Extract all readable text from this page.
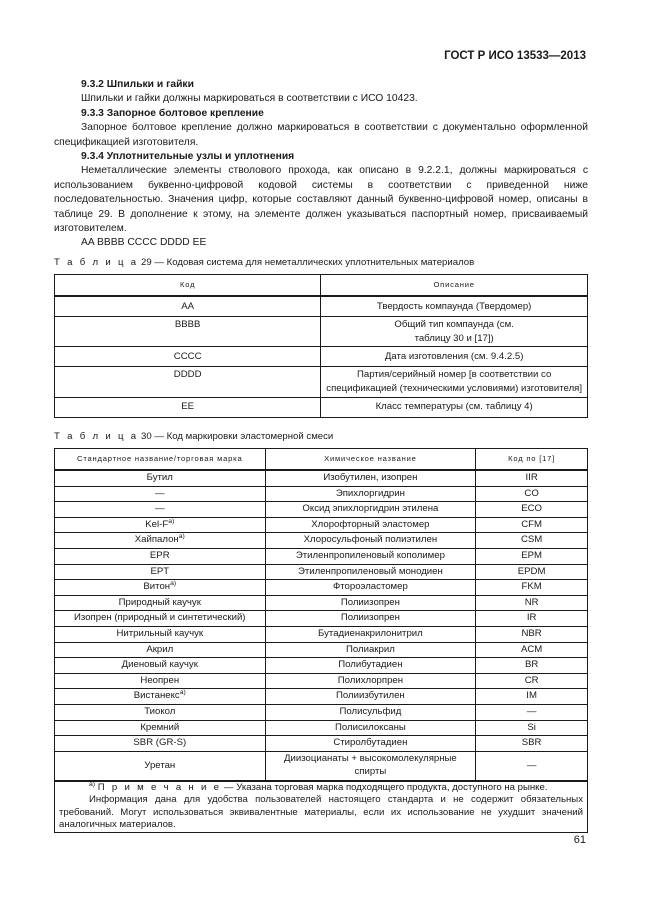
ГОСТ Р ИСО 13533—2013
9.3.2 Шпильки и гайки
Шпильки и гайки должны маркироваться в соответствии с ИСО 10423.
9.3.3 Запорное болтовое крепление
Запорное болтовое крепление должно маркироваться в соответствии с документально оформленной спецификацией изготовителя.
9.3.4 Уплотнительные узлы и уплотнения
Неметаллические элементы стволового прохода, как описано в 9.2.2.1, должны маркироваться с использованием буквенно-цифровой кодовой системы в соответствии с приведенной ниже последовательностью. Значения цифр, которые составляют данный буквенно-цифровой номер, описаны в таблице 29. В дополнение к этому, на элементе должен указываться паспортный номер, присваиваемый изготовителем.
AA BBBB CCCC DDDD EE
Т а б л и ц а 29 — Кодовая система для неметаллических уплотнительных материалов
Код	Описание
AA	Твердость компаунда (Твердомер)
BBBB	Общий тип компаунда (см. таблицу 30 и [17])
CCCC	Дата изготовления (см. 9.4.2.5)
DDDD	Партия/серийный номер [в соответствии со спецификацией (техническими условиями) изготовителя]
EE	Класс температуры (см. таблицу 4)
Т а б л и ц а 30 — Код маркировки эластомерной смеси
Стандартное название/торговая марка	Химическое название	Код по [17]
Бутил	Изобутилен, изопрен	IIR
—	Эпихлоргидрин	CO
—	Оксид эпихлоргидрин этилена	ECO
Kel-$F^{a)}$	Хлорофторный эластомер	CFM
Хайпалон$^{a)}$	Хлоросульфоный полиэтилен	CSM
EPR	Этиленпропиленовый кополимер	EPM
EPT	Этиленпропиленовый монодиен	EPDM
Витон$^{a)}$	Фтороэластомер	FKM
Природный каучук	Полиизопрен	NR
Изопрен (природный и синтетический)	Полиизопрен	IR
Нитрильный каучук	Бутадиенакрилонитрил	NBR
Акрил	Полиакрил	ACM
Диеновый каучук	Полибутадиен	BR
Неопрен	Полихлорпрен	CR
Вистанекс$^{a)}$	Полиизбутилен	IM
Тиокол	Полисульфид	—
Кремний	Полисилоксаны	Si
SBR (GR-S)	Стиролбутадиен	SBR
Уретан	Диизоцианаты + высокомолекулярные спирты	—

$^{a)}$ П р и м е ч а н и е — Указана торговая марка подходящего продукта, доступного на рынке.
Информация дана для удобства пользователей настоящего стандарта и не содержит обязательных требований. Могут использоваться эквивалентные материалы, если их использование не ухудшит значений аналогичных материалов.		
61
